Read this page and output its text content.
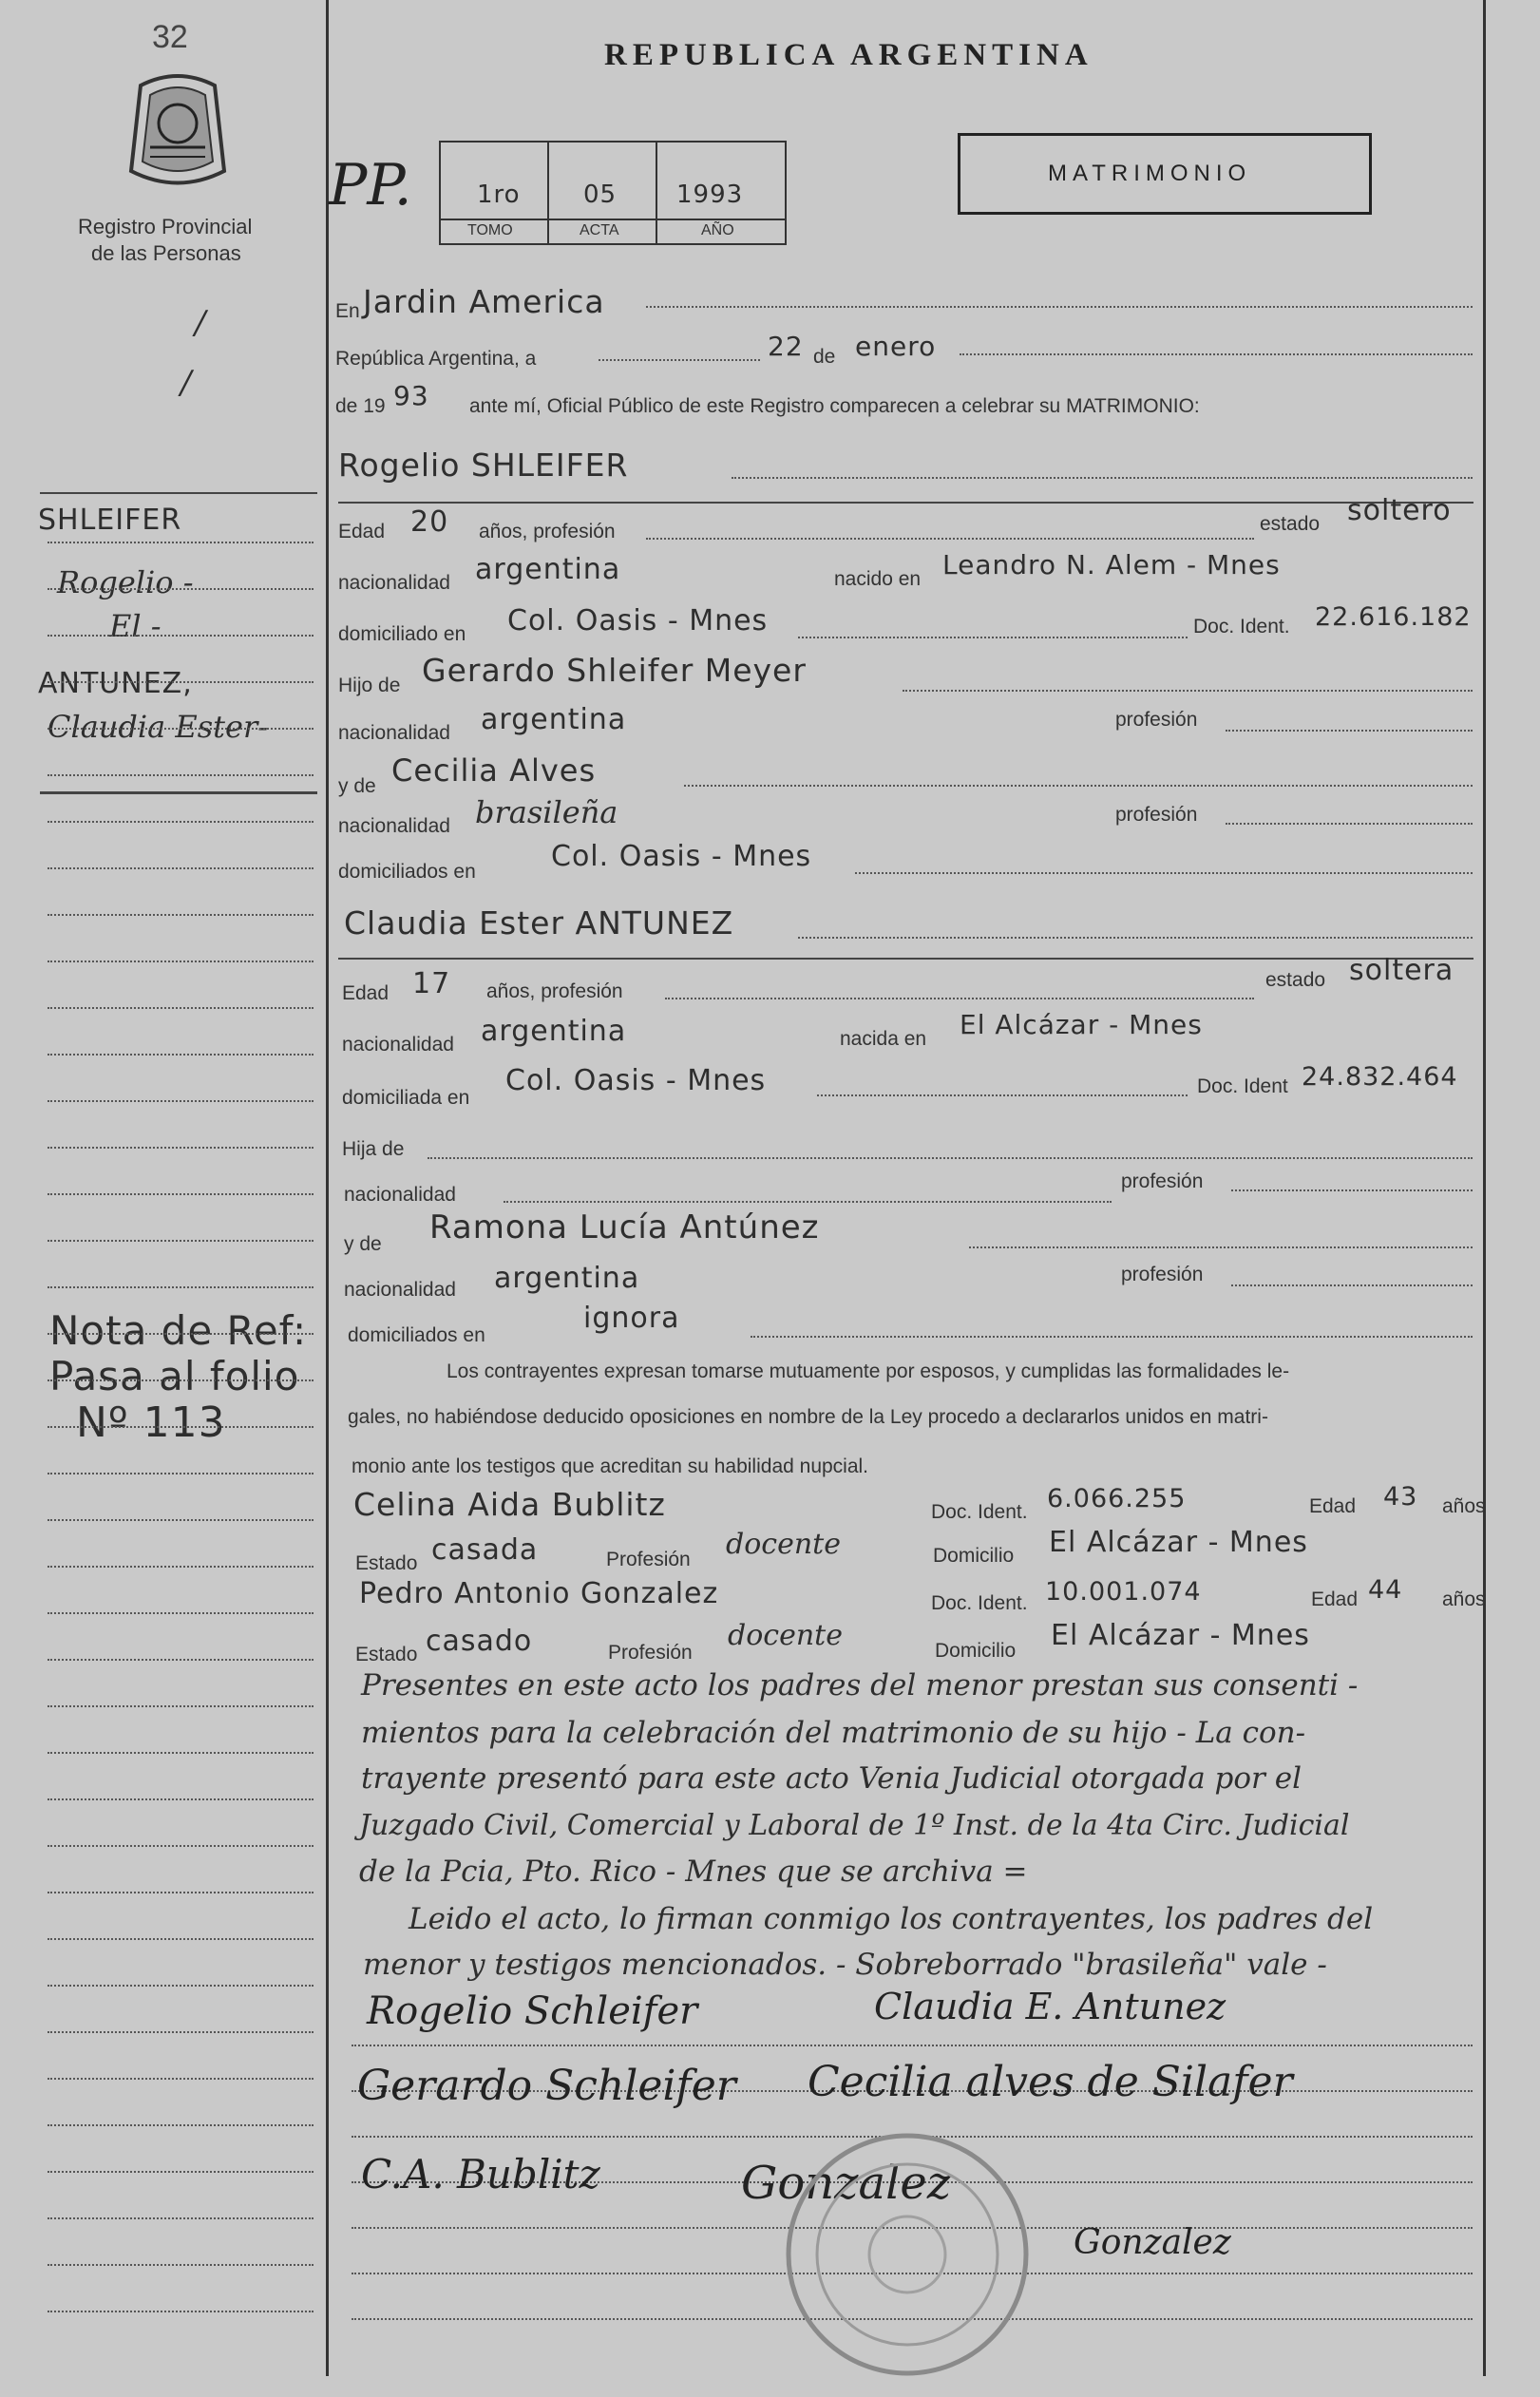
32
Registro Provincial
de las Personas
REPUBLICA ARGENTINA
PP.	1ro	05 1993
TOMO	ACTA	AÑO
MATRIMONIO
/
/
SHLEIFER
Rogelio -
El -
ANTUNEZ,
Claudia Ester-
Nota de Ref:
Pasa al folio
Nº 113
En Jardin America
República Argentina, a	22 de enero
de 19 93 ante mí, Oficial Público de este Registro comparecen a celebrar su MATRIMONIO:
Rogelio SHLEIFER
Edad 20 años, profesión	estado soltero
nacionalidad argentina	nacido en Leandro N. Alem - Mnes
domiciliado en Col. Oasis - Mnes	Doc. Ident. 22.616.182
Hijo de Gerardo Shleifer Meyer
nacionalidad argentina	profesión
y de Cecilia Alves
nacionalidad brasileña	profesión
domiciliados en	Col. Oasis - Mnes
Claudia Ester ANTUNEZ
Edad 17 años, profesión
estado soltera
nacionalidad argentina	nacida en El Alcázar - Mnes
domiciliada en
Col. Oasis - Mnes	Doc. Ident 24.832.464
Hija de
nacionalidad
profesión
y de Ramona Lucía Antúnez
nacionalidad argentina	profesión
domiciliados en
ignora
Los contrayentes expresan tomarse mutuamente por esposos, y cumplidas las formalidades le-
gales, no habiéndose deducido oposiciones en nombre de la Ley procedo a declararlos unidos en matri-
monio ante los testigos que acreditan su habilidad nupcial.
Celina Aida Bublitz	Doc. Ident. 6.066.255	Edad 43 años
Estado casada	Profesión docente	Domicilio El Alcázar - Mnes
Pedro Antonio Gonzalez	Doc. Ident. 10.001.074	Edad 44 años
Estado casado	Profesión
docente	Domicilio El Alcázar - Mnes
Presentes en este acto los padres del menor prestan sus consenti -
mientos para la celebración del matrimonio de su hijo - La con-
trayente presentó para este acto Venia Judicial otorgada por el
Juzgado Civil, Comercial y Laboral de 1º Inst. de la 4ta Circ. Judicial
de la Pcia, Pto. Rico - Mnes que se archiva =
Leido el acto, lo firman conmigo los contrayentes, los padres del
menor y testigos mencionados. - Sobreborrado "brasileña" vale -
Rogelio Schleifer	Claudia E. Antunez
Gerardo Schleifer Cecilia alves de Silafer
C.A. Bublitz	Gonzalez
Gonzalez
